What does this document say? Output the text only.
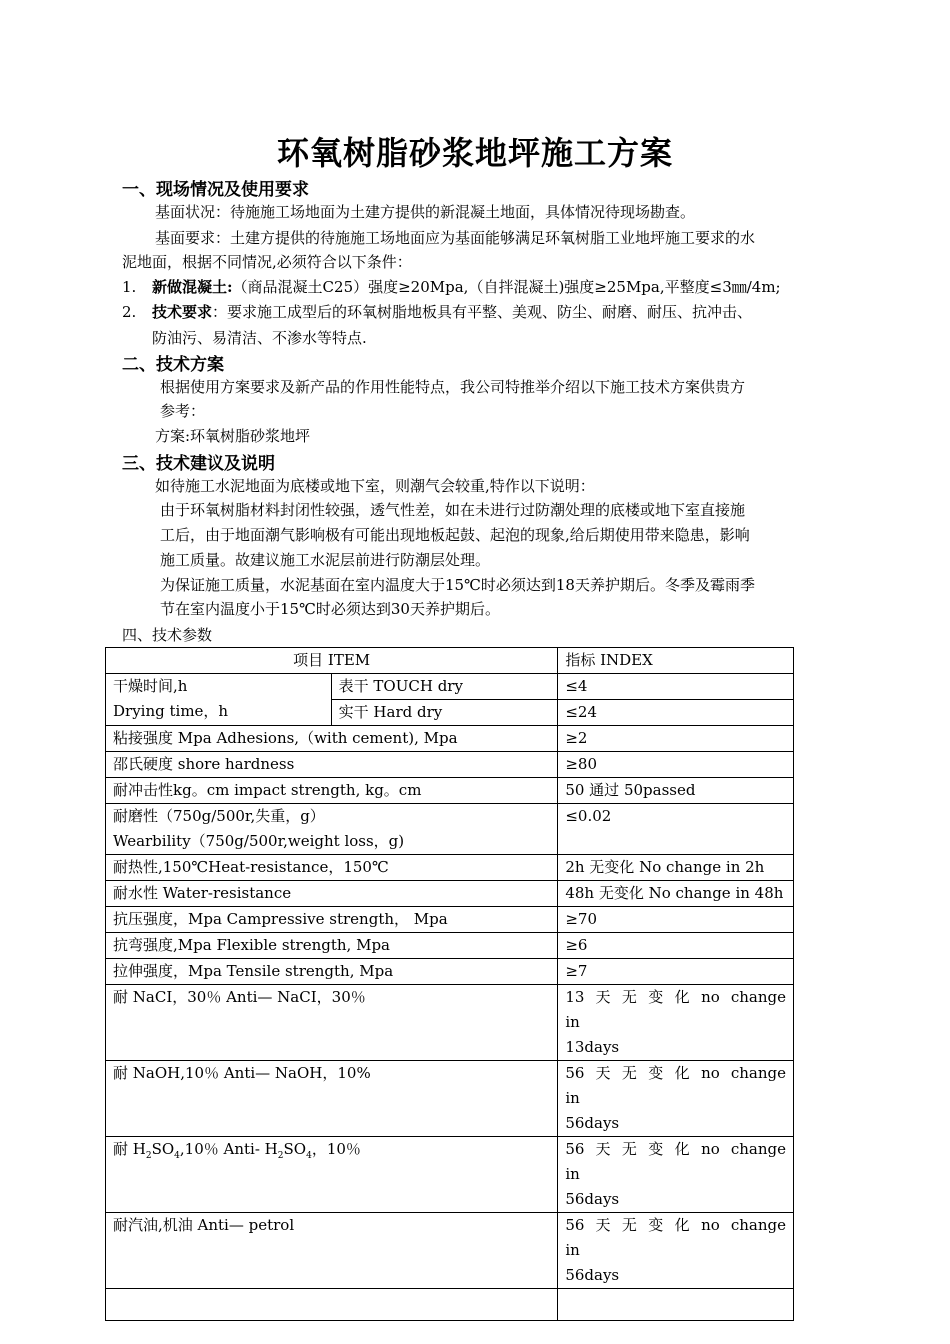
环氧树脂砂浆地坪施工方案
一、现场情况及使用要求
基面状况：待施施工场地面为土建方提供的新混凝土地面，具体情况待现场勘查。
基面要求：土建方提供的待施施工场地面应为基面能够满足环氧树脂工业地坪施工要求的水
泥地面，根据不同情况,必须符合以下条件：
1. 新做混凝土:（商品混凝土C25）强度≥20Mpa,（自拌混凝土)强度≥25Mpa,平整度≤3㎜/4m;
2. 技术要求：要求施工成型后的环氧树脂地板具有平整、美观、防尘、耐磨、耐压、抗冲击、
防油污、易清洁、不渗水等特点.
二、技术方案
根据使用方案要求及新产品的作用性能特点，我公司特推举介绍以下施工技术方案供贵方
参考：
方案:环氧树脂砂浆地坪
三、技术建议及说明
如待施工水泥地面为底楼或地下室，则潮气会较重,特作以下说明：
由于环氧树脂材料封闭性较强，透气性差，如在未进行过防潮处理的底楼或地下室直接施
工后，由于地面潮气影响极有可能出现地板起鼓、起泡的现象,给后期使用带来隐患，影响
施工质量。故建议施工水泥层前进行防潮层处理。
为保证施工质量，水泥基面在室内温度大于15℃时必须达到18天养护期后。冬季及霉雨季
节在室内温度小于15℃时必须达到30天养护期后。
四、技术参数
项目 ITEM		指标 INDEX
干燥时间,h
Drying time，h	表干 TOUCH dry	≤4
	实干 Hard dry	≤24
粘接强度 Mpa Adhesions,（with cement), Mpa		≥2
邵氏硬度 shore hardness		≥80
耐冲击性kg。cm impact strength, kg。cm		50 通过 50passed
耐磨性（750g/500r,失重，g）
Wearbility（750g/500r,weight loss，g)		≤0.02
耐热性,150℃Heat-resistance，150℃		2h 无变化 No change in 2h
耐水性 Water-resistance		48h 无变化 No change in 48h
抗压强度，Mpa Campressive strength， Mpa		≥70
抗弯强度,Mpa Flexible strength, Mpa		≥6
拉伸强度，Mpa Tensile strength, Mpa		≥7
耐 NaCI，30％ Anti— NaCI，30％		13 天 无 变 化 no change in
13days
耐 NaOH,10％ Anti— NaOH，10%		56 天 无 变 化 no change in
56days
耐 $H_2SO_4,10$％ Anti- $H_2SO_4$，10％		56 天 无 变 化 no change in
56days
耐汽油,机油 Anti— petrol		56 天 无 变 化 no change in
56days
